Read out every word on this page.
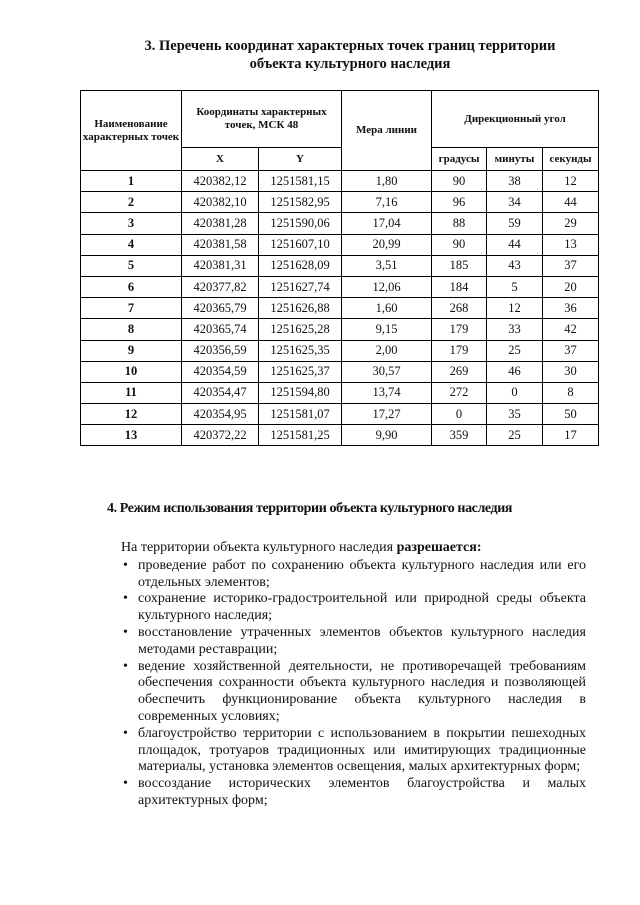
3. Перечень координат характерных точек границ территории
объекта культурного наследия
Наименование характерных точек	Координаты характерных точек, МСК 48		Мера линии	Дирекционный угол		
	X	Y		градусы	минуты	секунды
1	420382,12	1251581,15	1,80	90	38	12
2	420382,10	1251582,95	7,16	96	34	44
3	420381,28	1251590,06	17,04	88	59	29
4	420381,58	1251607,10	20,99	90	44	13
5	420381,31	1251628,09	3,51	185	43	37
6	420377,82	1251627,74	12,06	184	5	20
7	420365,79	1251626,88	1,60	268	12	36
8	420365,74	1251625,28	9,15	179	33	42
9	420356,59	1251625,35	2,00	179	25	37
10	420354,59	1251625,37	30,57	269	46	30
11	420354,47	1251594,80	13,74	272	0	8
12	420354,95	1251581,07	17,27	0	35	50
13	420372,22	1251581,25	9,90	359	25	17
4. Режим использования территории объекта культурного наследия

На территории объекта культурного наследия разрешается:

• проведение работ по сохранению объекта культурного наследия или его отдельных элементов;
• сохранение историко-градостроительной или природной среды объекта культурного наследия;
• восстановление утраченных элементов объектов культурного наследия методами реставрации;
• ведение хозяйственной деятельности, не противоречащей требованиям обеспечения сохранности объекта культурного наследия и позволяющей обеспечить функционирование объекта культурного наследия в современных условиях;
• благоустройство территории с использованием в покрытии пешеходных площадок, тротуаров традиционных или имитирующих традиционные материалы, установка элементов освещения, малых архитектурных форм;
• воссоздание исторических элементов благоустройства и малых архитектурных форм;
